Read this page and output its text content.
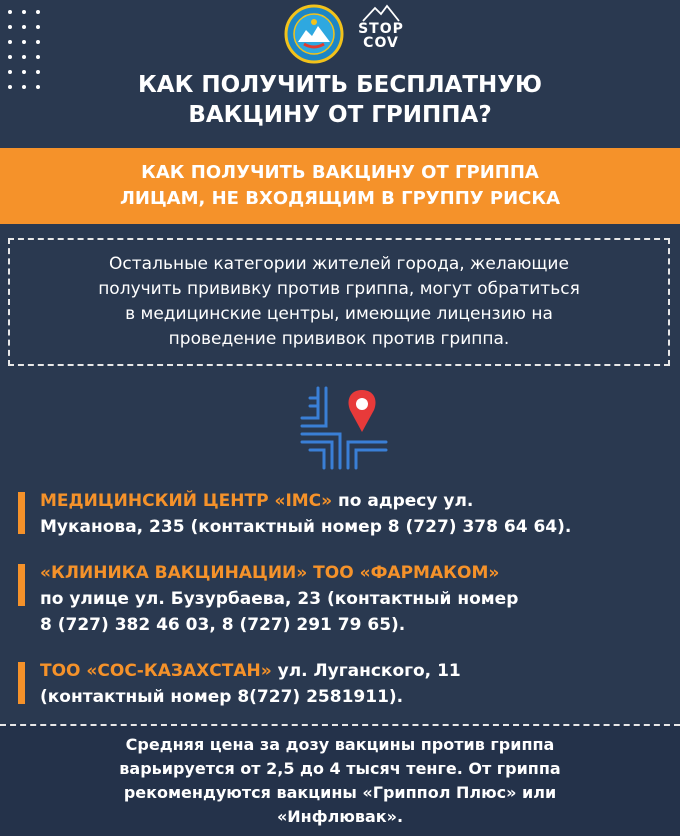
STOP
COV
КАК ПОЛУЧИТЬ БЕСПЛАТНУЮ
ВАКЦИНУ ОТ ГРИППА?
КАК ПОЛУЧИТЬ ВАКЦИНУ ОТ ГРИППА
ЛИЦАМ, НЕ ВХОДЯЩИМ В ГРУППУ РИСКА
Остальные категории жителей города, желающие
получить прививку против гриппа, могут обратиться
в медицинские центры, имеющие лицензию на
проведение прививок против гриппа.
МЕДИЦИНСКИЙ ЦЕНТР «IMC» по адресу ул.
Муканова, 235 (контактный номер 8 (727) 378 64 64).
«КЛИНИКА ВАКЦИНАЦИИ» ТОО «ФАРМАКОМ»
по улице ул. Бузурбаева, 23 (контактный номер
8 (727) 382 46 03, 8 (727) 291 79 65).
ТОО «СОС-КАЗАХСТАН» ул. Луганского, 11
(контактный номер 8(727) 2581911).
Средняя цена за дозу вакцины против гриппа
варьируется от 2,5 до 4 тысяч тенге. От гриппа
рекомендуются вакцины «Гриппол Плюс» или
«Инфлювак».
